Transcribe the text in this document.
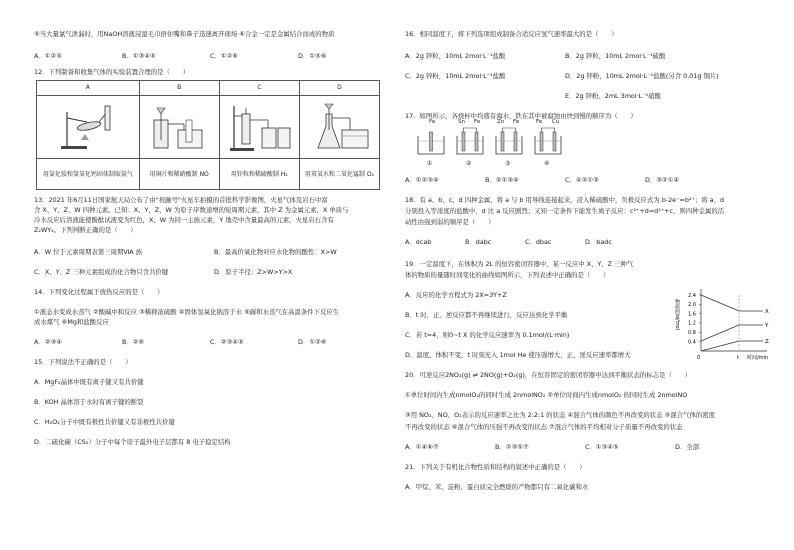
⑤当大量氯气泄漏时，用NaOH溶液浸湿毛巾捂住嘴和鼻子迅速离开现场 ⑥合金一定是金属结合而成的物质

A．①②⑤	B．①③④⑤	C．①②⑥	D．①⑤⑥

12．下列制备和收集气体的实验装置合理的是（　　）

A	B	C	D

用氯化铵和氢氧化钙固体制取氨气	用铜片和稀硝酸制 NO	用锌粒和稀硫酸制 H₂	用双氧水和二氧化锰制 O₂

13．2021 年6月11日国家航天局公布了由"祝融号"火星车拍摄的首批科学影像图，火星气体及岩石中富

含 X、Y、Z、W 四种元素。已知：X、Y、Z、W 为原子序数递增的短周期元素，其中 Z 为金属元素，X 单质与

冷水反应后溶液能使酚酞试液变为红色，X、W 为同一主族元素，Y 地壳中含量最高的元素，火星岩石含有

Z₂WY₄。下列判断正确的是（　　）

A．W 位于元素周期表第三周期ⅥA 族	B．最高价氧化物对应水化物的酸性：X>W
C．X、Y、Z 三种元素组成的化合物只含共价键	D．原子半径：Z>W>Y>X

14．下列变化过程属于放热反应的是（　　）

①液态水变成水蒸气 ②酸碱中和反应 ③稀释浓硫酸 ④固体氢氧化钠溶于水 ⑤碳和水蒸气在高温条件下反应生

成水煤气 ⑥Mg和盐酸反应

A．②③④	B．②⑥	C．②③④⑤	D．①②⑥

15．下列说法不正确的是（　　）

A．MgF₂晶体中既有离子键又有共价键

B．KOH 晶体溶于水时有离子键的断裂

C．H₂O₂分子中既有极性共价键又有非极性共价键

D．二硫化碳（CS₂）分子中每个原子最外电子层都有 8 电子稳定结构

16．相同温度下，将下列选项组成制备合适反应氢气速率最大的是（　　）

A．2g 锌粒，10mL 2mol·L⁻¹盐酸	B．2g 锌粒，10mL 2mol·L⁻¹硫酸
C．2g 锌粉，10mL 2mol·L⁻¹盐酸	D．2g 锌粉，10mL 2mol·L⁻¹盐酸(另含 0.01g 铜片)
E．2g 锌粉、2mL 3mol·L⁻¹硝酸

17．如图所示，各烧杯中均盛有海水，铁在其中被腐蚀由快到慢的顺序为（　　）

Fe
①
Sn Fe
②
Zn Fe
③
Fe Cu
④
A．①②③④	B．②①③④	C．④②①③	D．③②①④

18．有 a、b、c、d 四种金属，将 a 与 b 用导线连接起来，浸入稀硫酸中，负极反应式为 b-2e⁻=b²⁺；将 a、d

分别投入等浓度的盐酸中，d 比 a 反应剧烈；又知一定条件下能发生离子反应：c²⁺+d=d²⁺+c，则四种金属的活

动性由强到弱的顺序是（　　）

A．dcab	B．dabc	C．dbac	D．badc

19．一定温度下，在体积为 2L 的恒容密闭容器中，某一反应中 X、Y、Z 三种气

体的物质的量随时间变化的曲线如图所示，下列表述中正确的是（　　）

A．反应的化学方程式为 2X=3Y+Z

B．t 时，正、逆反应都不再继续进行，反应达到化学平衡

C．若 t=4，则0~t X 的化学反应速率为 0.1mol/(L·min)

D．温度、体积不变，t 时刻充入 1mol He 使压强增大，正、逆反应速率都增大

20．可逆反应2NO₂(g) ⇌ 2NO(g)+O₂(g)，在恒容固定的密闭容器中达到平衡状态的标志是（　　）

①单位时间内生成nmolO₂的同时生成 2nmolNO₂ ②单位时间内生成nmolO₂ 的同时生成 2nmolNO

③用 NO₂、NO、O₂表示的反应速率之比为 2:2:1 的状态 ④混合气体的颜色不再改变的状态 ⑤混合气体的密度

不再改变的状态 ⑥混合气体的压强不再改变的状态 ⑦混合气体的平均相对分子质量不再改变的状态

A．①④⑥⑦	B．②③⑤⑦	C．①③④⑤	D．全部

21．下列关于有机化合物性质和结构的叙述中正确的是（　　）

A．甲烷、苯、淀粉、蛋白质完全燃烧的产物都只有二氧化碳和水

物质的量/mol
2.4
2.0
1.6
1.2
0.8
0.4
0	t 时间/min
X
Y
Z
